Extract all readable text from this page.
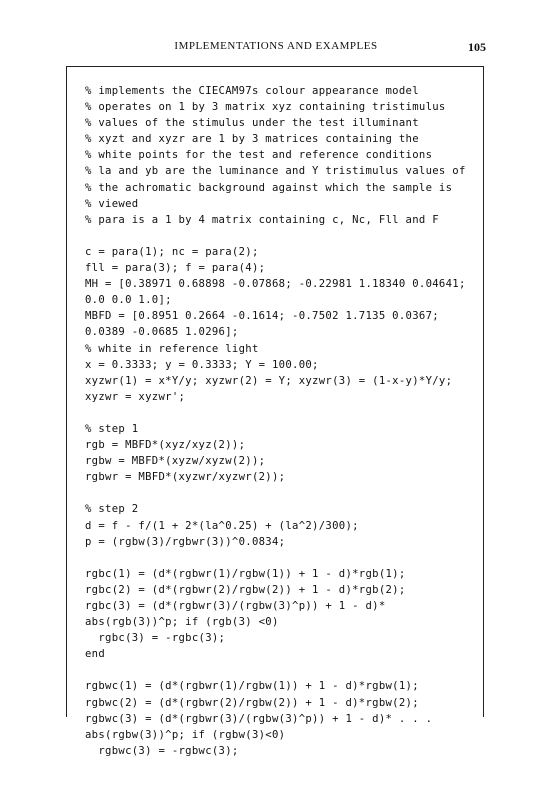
IMPLEMENTATIONS AND EXAMPLES	105
% implements the CIECAM97s colour appearance model
% operates on 1 by 3 matrix xyz containing tristimulus
% values of the stimulus under the test illuminant
% xyzt and xyzr are 1 by 3 matrices containing the
% white points for the test and reference conditions
% la and yb are the luminance and Y tristimulus values of
% the achromatic background against which the sample is
% viewed
% para is a 1 by 4 matrix containing c, Nc, Fll and F
c = para(1); nc = para(2);
fll = para(3); f = para(4);
MH = [0.38971 0.68898 -0.07868; -0.22981 1.18340 0.04641;
0.0 0.0 1.0];
MBFD = [0.8951 0.2664 -0.1614; -0.7502 1.7135 0.0367;
0.0389 -0.0685 1.0296];
% white in reference light
x = 0.3333; y = 0.3333; Y = 100.00;
xyzwr(1) = x*Y/y; xyzwr(2) = Y; xyzwr(3) = (1-x-y)*Y/y;
xyzwr = xyzwr';
% step 1
rgb = MBFD*(xyz/xyz(2));
rgbw = MBFD*(xyzw/xyzw(2));
rgbwr = MBFD*(xyzwr/xyzwr(2));
% step 2
d = f - f/(1 + 2*(la^0.25) + (la^2)/300);
p = (rgbw(3)/rgbwr(3))^0.0834;
rgbc(1) = (d*(rgbwr(1)/rgbw(1)) + 1 - d)*rgb(1);
rgbc(2) = (d*(rgbwr(2)/rgbw(2)) + 1 - d)*rgb(2);
rgbc(3) = (d*(rgbwr(3)/(rgbw(3)^p)) + 1 - d)*
abs(rgb(3))^p; if (rgb(3) <0)
rgbc(3) = -rgbc(3);
end
rgbwc(1) = (d*(rgbwr(1)/rgbw(1)) + 1 - d)*rgbw(1);
rgbwc(2) = (d*(rgbwr(2)/rgbw(2)) + 1 - d)*rgbw(2);
rgbwc(3) = (d*(rgbwr(3)/(rgbw(3)^p)) + 1 - d)* . . .
abs(rgbw(3))^p; if (rgbw(3)<0)
rgbwc(3) = -rgbwc(3);
